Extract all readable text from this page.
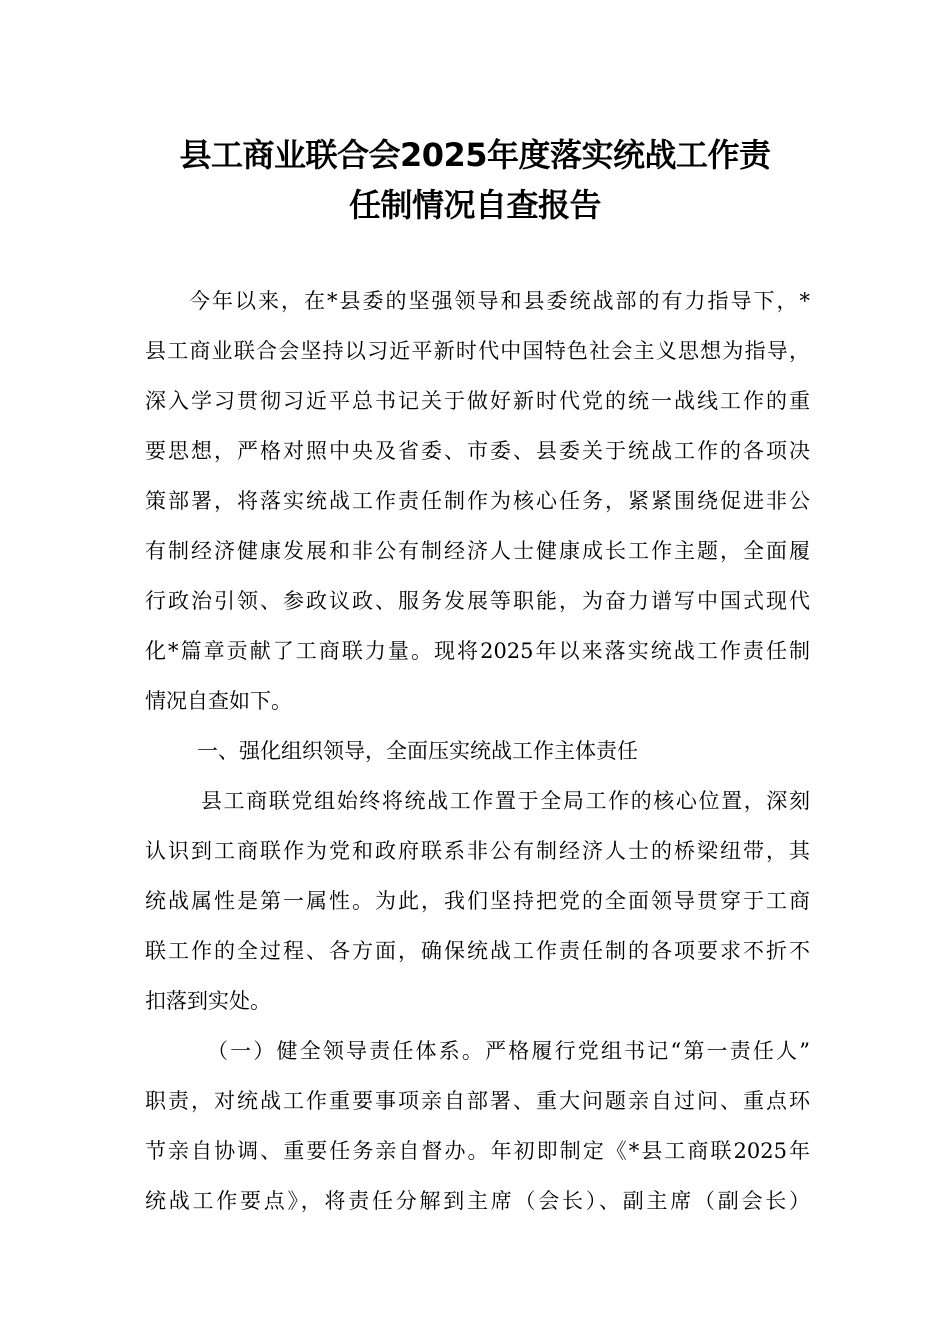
县工商业联合会2025年度落实统战工作责
任制情况自查报告
今年以来，在*县委的坚强领导和县委统战部的有力指导下，*
县工商业联合会坚持以习近平新时代中国特色社会主义思想为指导，
深入学习贯彻习近平总书记关于做好新时代党的统一战线工作的重
要思想，严格对照中央及省委、市委、县委关于统战工作的各项决
策部署，将落实统战工作责任制作为核心任务，紧紧围绕促进非公
有制经济健康发展和非公有制经济人士健康成长工作主题，全面履
行政治引领、参政议政、服务发展等职能，为奋力谱写中国式现代
化*篇章贡献了工商联力量。现将2025年以来落实统战工作责任制
情况自查如下。
一、强化组织领导，全面压实统战工作主体责任
县工商联党组始终将统战工作置于全局工作的核心位置，深刻
认识到工商联作为党和政府联系非公有制经济人士的桥梁纽带，其
统战属性是第一属性。为此，我们坚持把党的全面领导贯穿于工商
联工作的全过程、各方面，确保统战工作责任制的各项要求不折不
扣落到实处。
（一）健全领导责任体系。严格履行党组书记“第一责任人”
职责，对统战工作重要事项亲自部署、重大问题亲自过问、重点环
节亲自协调、重要任务亲自督办。年初即制定《*县工商联2025年
统战工作要点》，将责任分解到主席（会长）、副主席（副会长）
